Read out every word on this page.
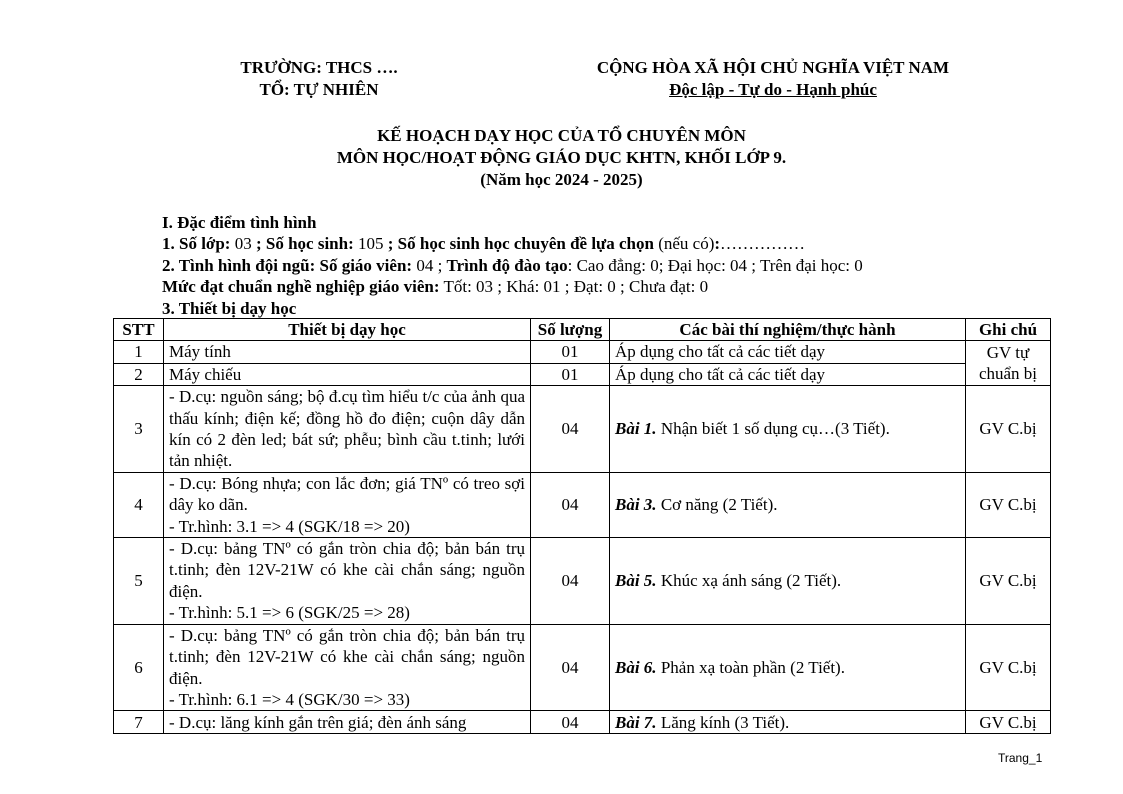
TRƯỜNG: THCS ….
TỔ: TỰ NHIÊN
CỘNG HÒA XÃ HỘI CHỦ NGHĨA VIỆT NAM
Độc lập - Tự do - Hạnh phúc
KẾ HOẠCH DẠY HỌC CỦA TỔ CHUYÊN MÔN
MÔN HỌC/HOẠT ĐỘNG GIÁO DỤC KHTN, KHỐI LỚP 9.
(Năm học 2024 - 2025)
I. Đặc điểm tình hình
1. Số lớp: 03 ; Số học sinh: 105 ; Số học sinh học chuyên đề lựa chọn (nếu có):……………
2. Tình hình đội ngũ: Số giáo viên: 04 ; Trình độ đào tạo: Cao đẳng: 0; Đại học: 04 ; Trên đại học: 0
Mức đạt chuẩn nghề nghiệp giáo viên: Tốt: 03 ; Khá: 01 ; Đạt: 0 ; Chưa đạt: 0
3. Thiết bị dạy học
STT	Thiết bị dạy học	Số lượng	Các bài thí nghiệm/thực hành	Ghi chú
1	Máy tính	01	Áp dụng cho tất cả các tiết dạy	GV tự chuẩn bị
2	Máy chiếu	01	Áp dụng cho tất cả các tiết dạy	
3	- D.cụ: nguồn sáng; bộ đ.cụ tìm hiểu t/c của ảnh qua thấu kính; điện kế; đồng hồ đo điện; cuộn dây dẫn kín có 2 đèn led; bát sứ; phễu; bình cầu t.tinh; lưới tản nhiệt.	04	Bài 1. Nhận biết 1 số dụng cụ…(3 Tiết).	GV C.bị
4	- D.cụ: Bóng nhựa; con lắc đơn; giá TNº có treo sợi dây ko dãn.
- Tr.hình: 3.1 => 4 (SGK/18 => 20)	04	Bài 3. Cơ năng (2 Tiết).	GV C.bị
5	- D.cụ: bảng TNº có gắn tròn chia độ; bản bán trụ t.tinh; đèn 12V-21W có khe cài chắn sáng; nguồn điện.
- Tr.hình: 5.1 => 6 (SGK/25 => 28)	04	Bài 5. Khúc xạ ánh sáng (2 Tiết).	GV C.bị
6	- D.cụ: bảng TNº có gắn tròn chia độ; bản bán trụ t.tinh; đèn 12V-21W có khe cài chắn sáng; nguồn điện.
- Tr.hình: 6.1 => 4 (SGK/30 => 33)	04	Bài 6. Phản xạ toàn phần (2 Tiết).	GV C.bị
7	- D.cụ: lăng kính gắn trên giá; đèn ánh sáng	04	Bài 7. Lăng kính (3 Tiết).	GV C.bị
Trang_1
